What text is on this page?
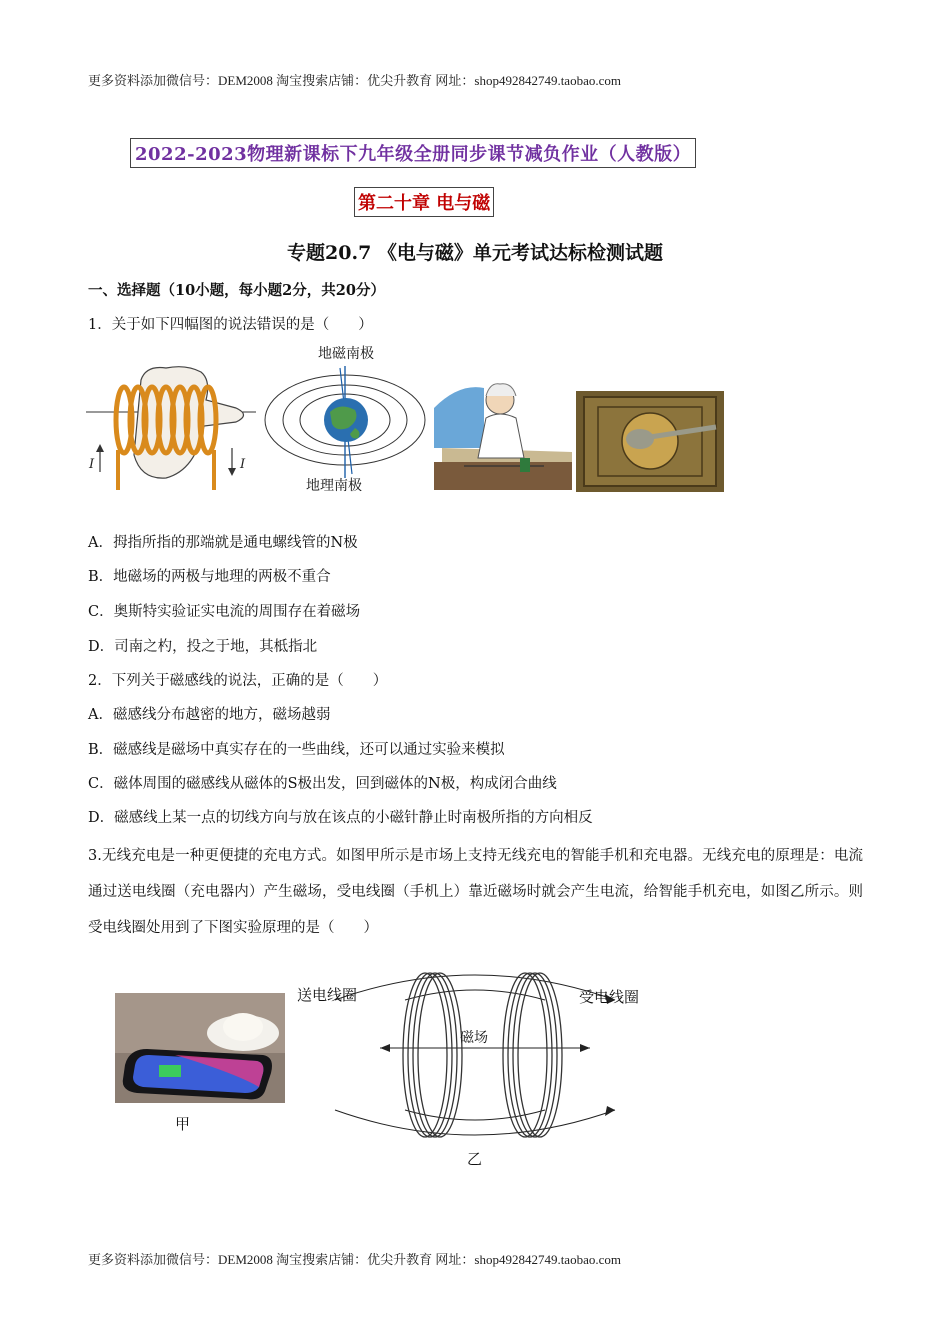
更多资料添加微信号：DEM2008 淘宝搜索店铺：优尖升教育 网址：shop492842749.taobao.com
2022-2023物理新课标下九年级全册同步课节减负作业（人教版）
第二十章 电与磁
专题20.7 《电与磁》单元考试达标检测试题
一、选择题（10小题，每小题2分，共20分）
1．关于如下四幅图的说法错误的是（　　）
I	I
地磁南极
地理南极
A．拇指所指的那端就是通电螺线管的N极
B．地磁场的两极与地理的两极不重合
C．奥斯特实验证实电流的周围存在着磁场
D．司南之杓，投之于地，其柢指北
2．下列关于磁感线的说法，正确的是（　　）
A．磁感线分布越密的地方，磁场越弱
B．磁感线是磁场中真实存在的一些曲线，还可以通过实验来模拟
C．磁体周围的磁感线从磁体的S极出发，回到磁体的N极，构成闭合曲线
D．磁感线上某一点的切线方向与放在该点的小磁针静止时南极所指的方向相反
3.无线充电是一种更便捷的充电方式。如图甲所示是市场上支持无线充电的智能手机和充电器。无线充电的原理是：电流通过送电线圈（充电器内）产生磁场，受电线圈（手机上）靠近磁场时就会产生电流，给智能手机充电，如图乙所示。则受电线圈处用到了下图实验原理的是（　　）
甲
送电线圈	受电线圈
磁场
乙
更多资料添加微信号：DEM2008 淘宝搜索店铺：优尖升教育 网址：shop492842749.taobao.com
